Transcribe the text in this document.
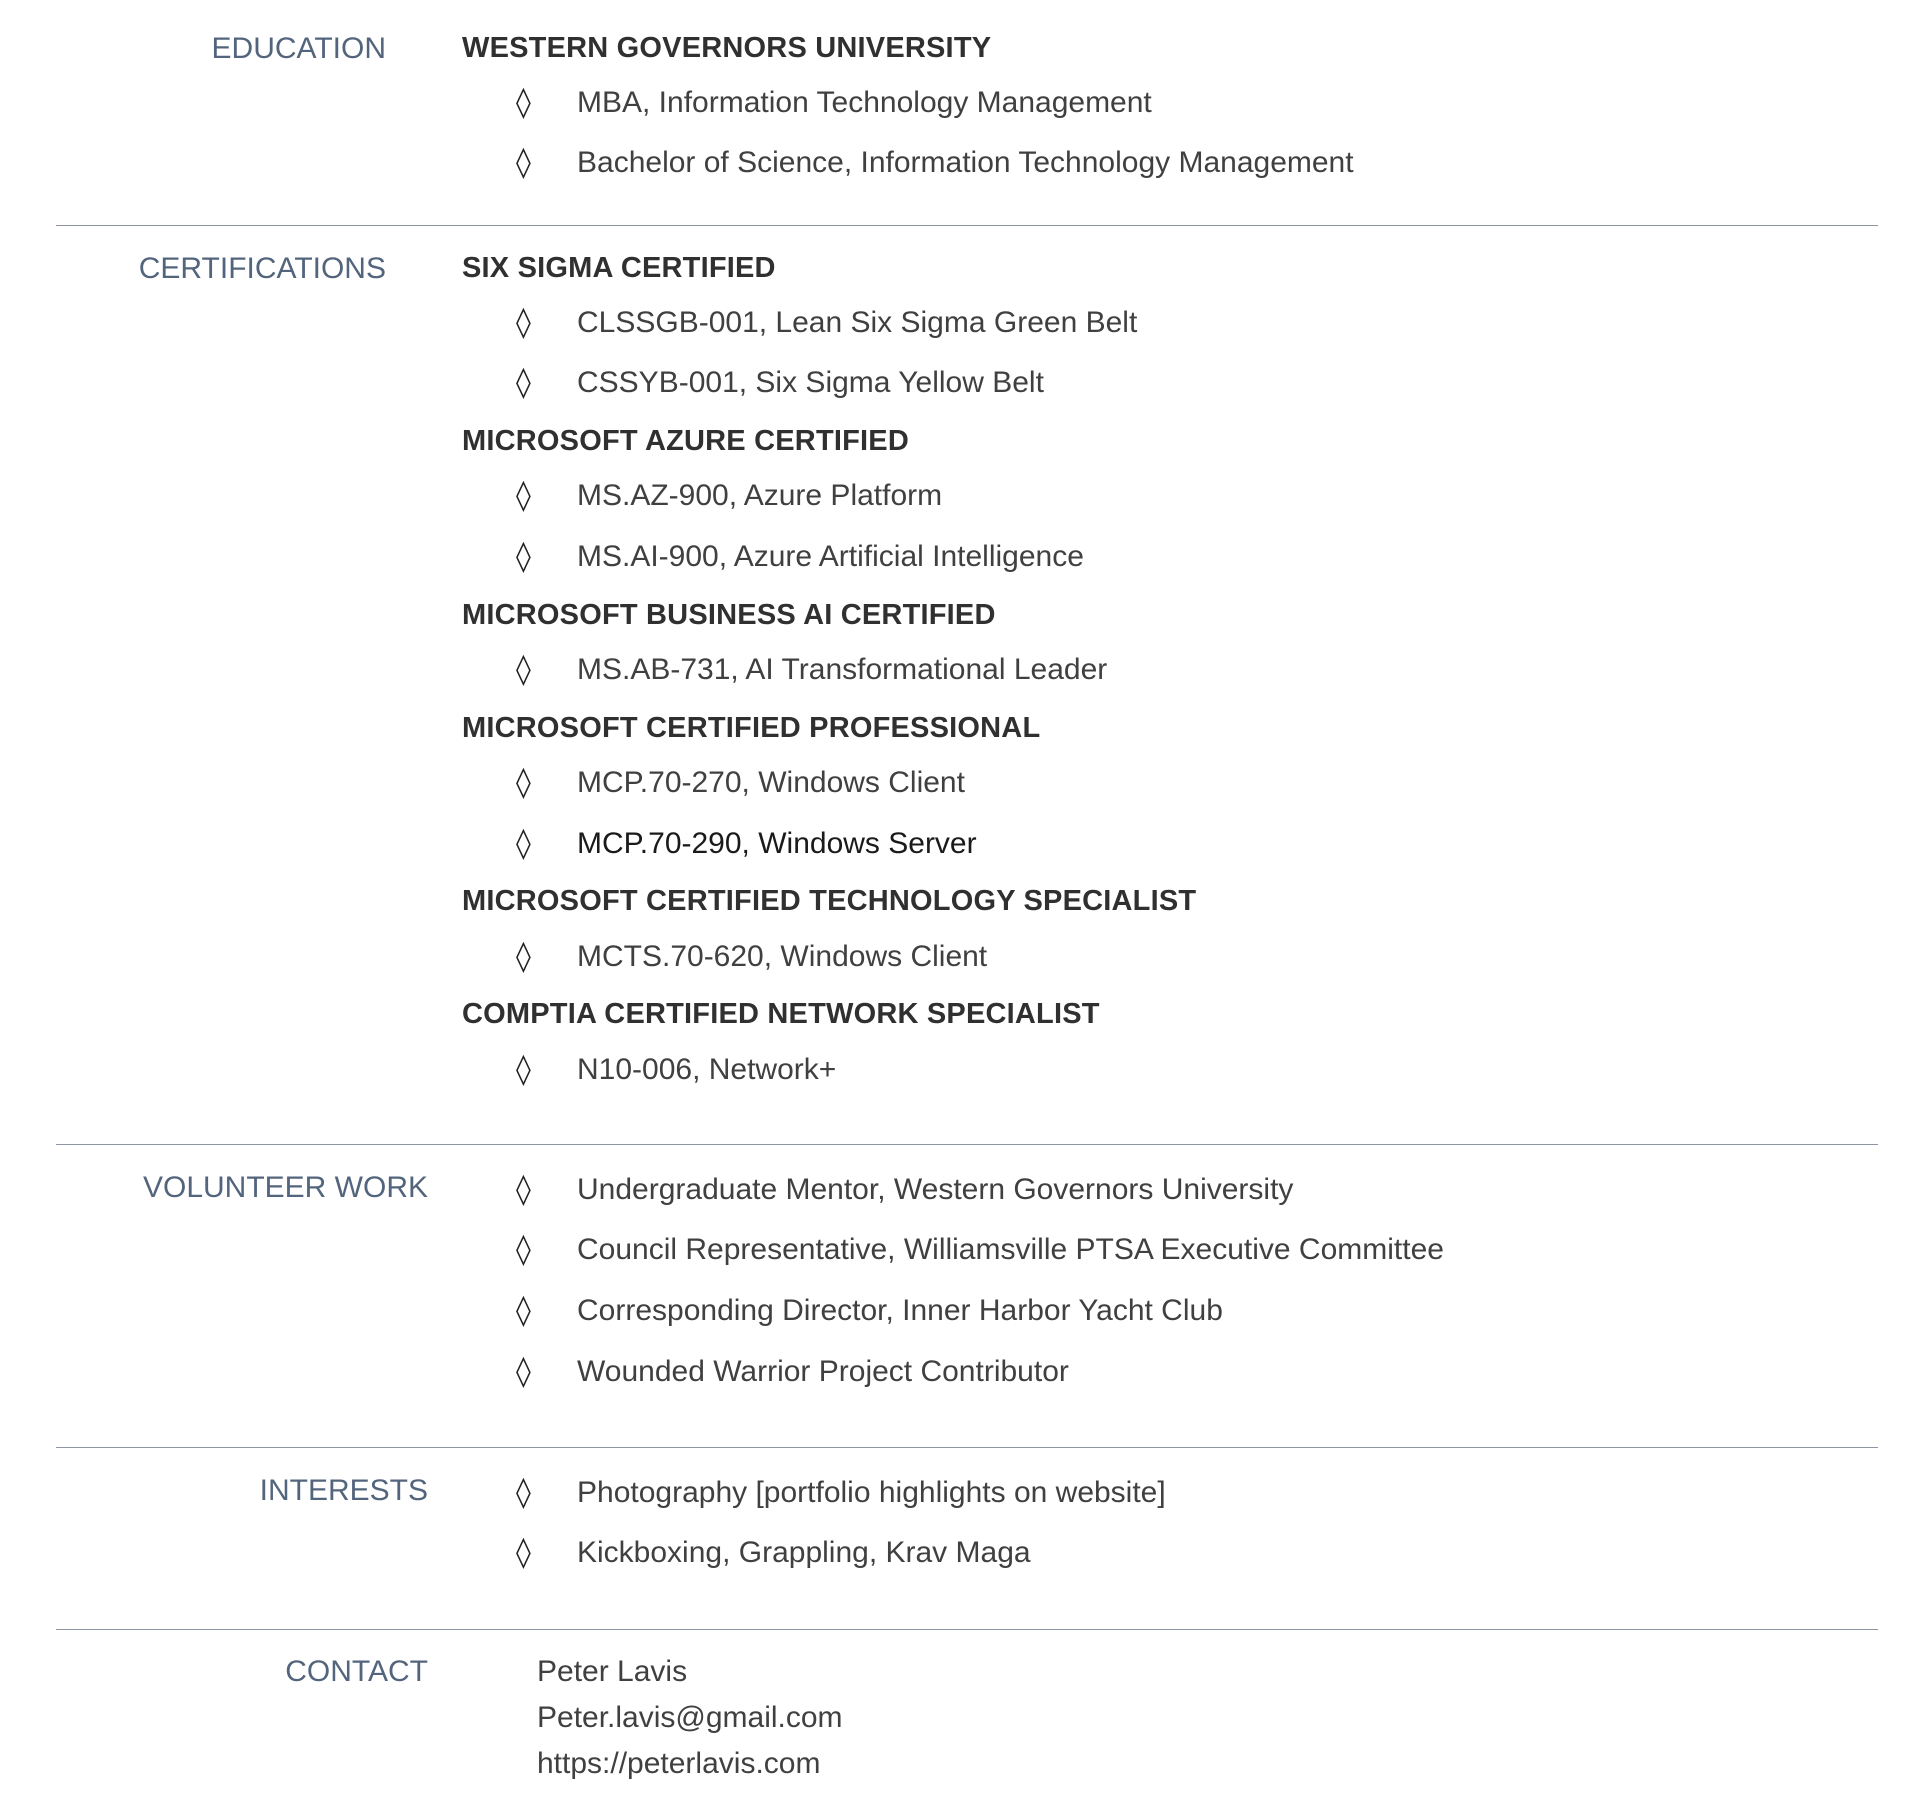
EDUCATION	WESTERN GOVERNORS UNIVERSITY
◊ MBA, Information Technology Management
◊ Bachelor of Science, Information Technology Management
CERTIFICATIONS	SIX SIGMA CERTIFIED
◊ CLSSGB-001, Lean Six Sigma Green Belt
◊ CSSYB-001, Six Sigma Yellow Belt
MICROSOFT AZURE CERTIFIED
◊ MS.AZ-900, Azure Platform
◊ MS.AI-900, Azure Artificial Intelligence
MICROSOFT BUSINESS AI CERTIFIED
◊ MS.AB-731, AI Transformational Leader
MICROSOFT CERTIFIED PROFESSIONAL
◊ MCP.70-270, Windows Client
◊ MCP.70-290, Windows Server
MICROSOFT CERTIFIED TECHNOLOGY SPECIALIST
◊ MCTS.70-620, Windows Client
COMPTIA CERTIFIED NETWORK SPECIALIST
◊ N10-006, Network+
VOLUNTEER WORK	◊ Undergraduate Mentor, Western Governors University
◊ Council Representative, Williamsville PTSA Executive Committee
◊ Corresponding Director, Inner Harbor Yacht Club
◊ Wounded Warrior Project Contributor
INTERESTS	◊ Photography [portfolio highlights on website]
◊ Kickboxing, Grappling, Krav Maga
CONTACT	Peter Lavis
Peter.lavis@gmail.com
https://peterlavis.com
